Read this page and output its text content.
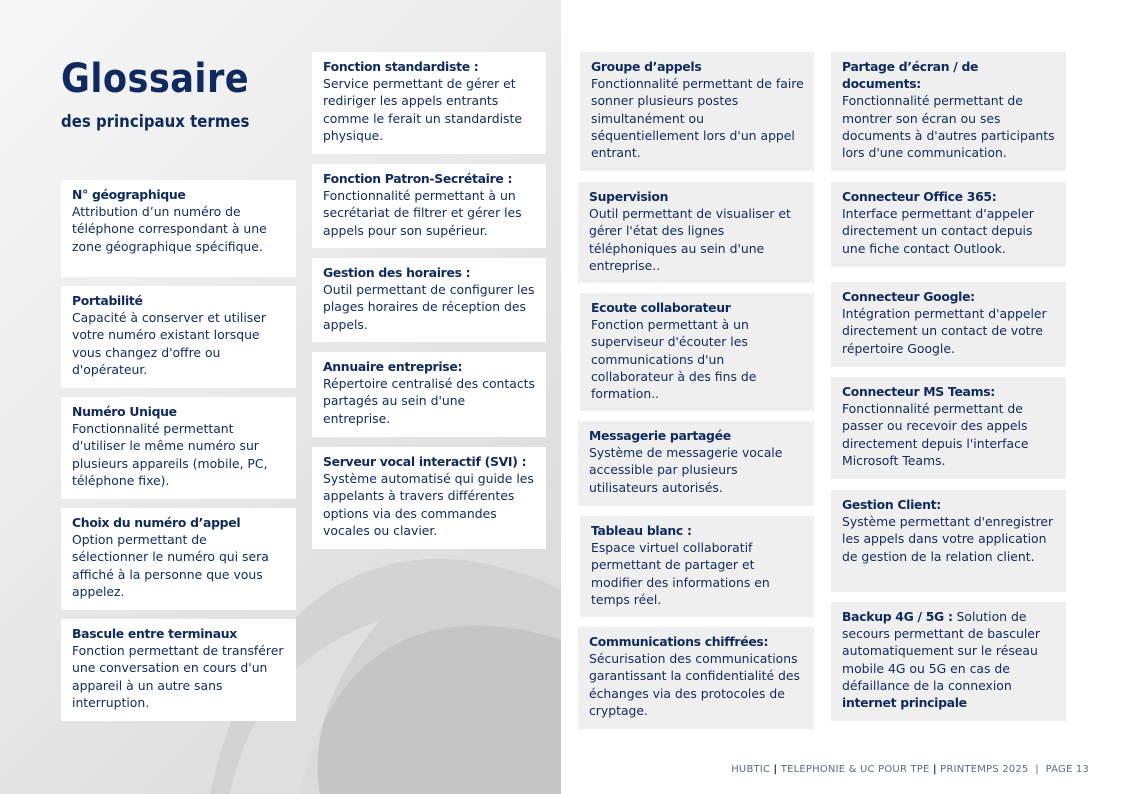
Glossaire
des principaux termes
N° géographique
Attribution d’un numéro de téléphone correspondant à une zone géographique spécifique.
Portabilité
Capacité à conserver et utiliser votre numéro existant lorsque vous changez d'offre ou d'opérateur.
Numéro Unique
Fonctionnalité permettant d'utiliser le même numéro sur plusieurs appareils (mobile, PC, téléphone fixe).
Choix du numéro d’appel
Option permettant de sélectionner le numéro qui sera affiché à la personne que vous appelez.
Bascule entre terminaux
Fonction permettant de transférer une conversation en cours d'un appareil à un autre sans interruption.
Fonction standardiste :
Service permettant de gérer et rediriger les appels entrants comme le ferait un standardiste physique.
Fonction Patron-Secrétaire :
Fonctionnalité permettant à un secrétariat de filtrer et gérer les appels pour son supérieur.
Gestion des horaires :
Outil permettant de configurer les plages horaires de réception des appels.
Annuaire entreprise:
Répertoire centralisé des contacts partagés au sein d'une entreprise.
Serveur vocal interactif (SVI) :
Système automatisé qui guide les appelants à travers différentes options via des commandes vocales ou clavier.
Groupe d’appels
Fonctionnalité permettant de faire sonner plusieurs postes simultanément ou séquentiellement lors d'un appel entrant.
Supervision
Outil permettant de visualiser et gérer l'état des lignes téléphoniques au sein d'une entreprise..
Ecoute collaborateur
Fonction permettant à un superviseur d'écouter les communications d'un collaborateur à des fins de formation..
Messagerie partagée
Système de messagerie vocale accessible par plusieurs utilisateurs autorisés.
Tableau blanc :
Espace virtuel collaboratif permettant de partager et modifier des informations en temps réel.
Communications chiffrées:
Sécurisation des communications garantissant la confidentialité des échanges via des protocoles de cryptage.
Partage d’écran / de documents:
Fonctionnalité permettant de montrer son écran ou ses documents à d'autres participants lors d'une communication.
Connecteur Office 365:
Interface permettant d'appeler directement un contact depuis une fiche contact Outlook.
Connecteur Google:
Intégration permettant d'appeler directement un contact de votre répertoire Google.
Connecteur MS Teams:
Fonctionnalité permettant de passer ou recevoir des appels directement depuis l'interface Microsoft Teams.
Gestion Client:
Système permettant d'enregistrer les appels dans votre application de gestion de la relation client.
Backup 4G / 5G : Solution de secours permettant de basculer automatiquement sur le réseau mobile 4G ou 5G en cas de défaillance de la connexion internet principale
HUBTIC | TELEPHONIE & UC POUR TPE | PRINTEMPS 2025 | PAGE 13
